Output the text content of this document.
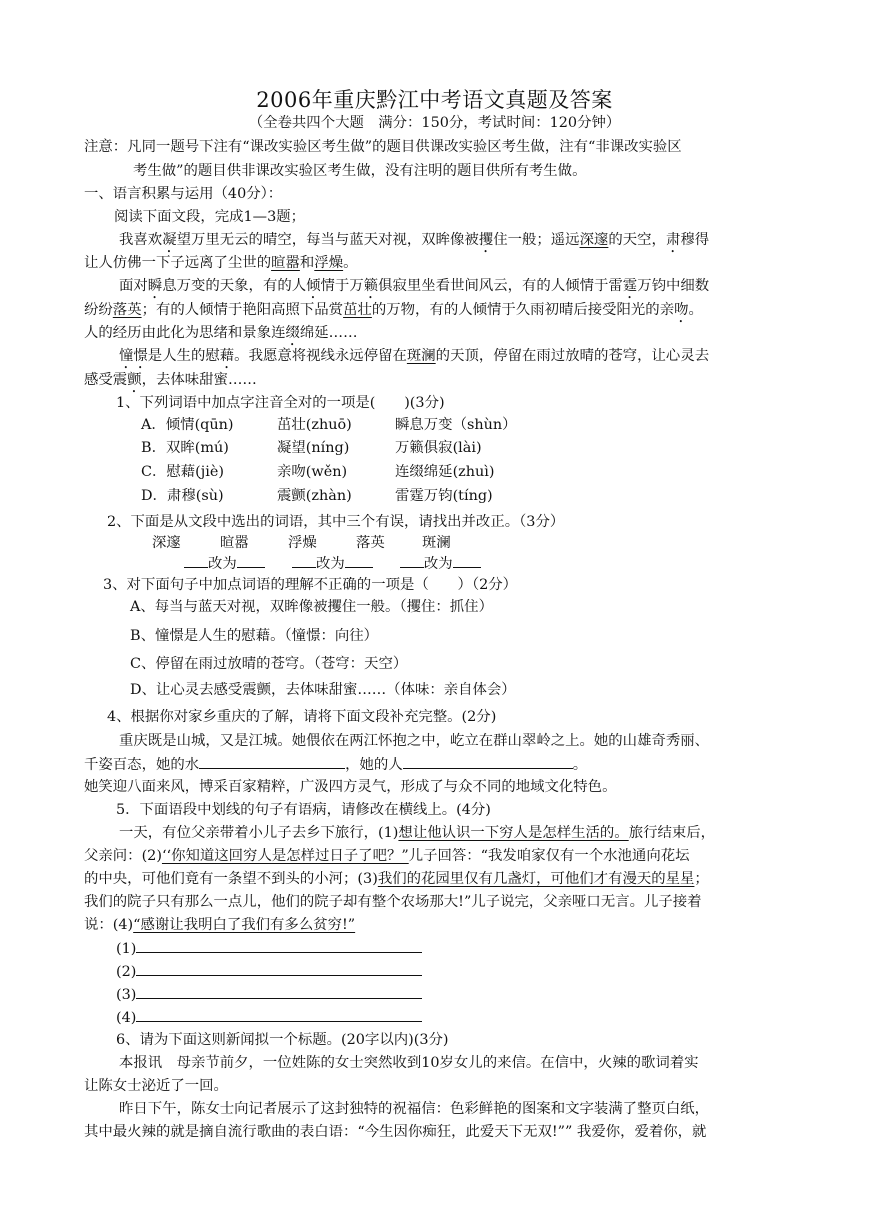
2006年重庆黔江中考语文真题及答案
（全卷共四个大题　满分：150分，考试时间：120分钟）
注意：凡同一题号下注有“课改实验区考生做”的题目供课改实验区考生做，注有“非课改实验区
考生做”的题目供非课改实验区考生做，没有注明的题目供所有考生做。
一、语言积累与运用（40分）：
阅读下面文段，完成1—3题；
我喜欢凝望万里无云的晴空，每当与蓝天对视，双眸像被攫住一般；遥远深邃的天空，肃穆得
让人仿佛一下子远离了尘世的暄嚣和浮燥。
面对瞬息万变的天象，有的人倾情于万籁俱寂里坐看世间风云，有的人倾情于雷霆万钧中细数
纷纷落英；有的人倾情于艳阳高照下品赏茁壮的万物，有的人倾情于久雨初晴后接受阳光的亲吻。
人的经历由此化为思绪和景象连缀绵延……
憧憬是人生的慰藉。我愿意将视线永远停留在斑澜的天顶，停留在雨过放晴的苍穹，让心灵去
感受震颤，去体味甜蜜……
1、下列词语中加点字注音全对的一项是(　　)(3分)
A．倾情(qūn)	茁壮(zhuō)	瞬息万变（shùn）
B．双眸(mú)	凝望(níng)	万籁俱寂(lài)
C．慰藉(jiè)	亲吻(wěn)	连缀绵延(zhuì)
D．肃穆(sù)	震颤(zhàn)	雷霆万钧(tíng)
2、下面是从文段中选出的词语，其中三个有误，请找出并改正。（3分）
深邃	暄嚣	浮燥	落英	斑澜
改为	改为	改为
3、对下面句子中加点词语的理解不正确的一项是（　　）（2分）
A、每当与蓝天对视，双眸像被攫住一般。（攫住：抓住）
B、憧憬是人生的慰藉。（憧憬：向往）
C、停留在雨过放晴的苍穹。（苍穹：天空）
D、让心灵去感受震颤，去体味甜蜜……（体味：亲自体会）
4、根据你对家乡重庆的了解，请将下面文段补充完整。(2分)
重庆既是山城，又是江城。她偎依在两江怀抱之中，屹立在群山翠岭之上。她的山雄奇秀丽、
千姿百态，她的水	，她的人	。
她笑迎八面来风，博采百家精粹，广汲四方灵气，形成了与众不同的地域文化特色。
5．下面语段中划线的句子有语病，请修改在横线上。(4分)
一天，有位父亲带着小儿子去乡下旅行，(1)想让他认识一下穷人是怎样生活的。旅行结束后，
父亲问：(2)‘‘你知道这回穷人是怎样过日子了吧？”儿子回答：“我发咱家仅有一个水池通向花坛
的中央，可他们竟有一条望不到头的小河；(3)我们的花园里仅有几盏灯，可他们才有漫天的星星；
我们的院子只有那么一点儿，他们的院子却有整个农场那大!”儿子说完，父亲哑口无言。儿子接着
说：(4)“感谢让我明白了我们有多么贫穷!”
(1)
(2)
(3)
(4)
6、请为下面这则新闻拟一个标题。(20字以内)(3分)
本报讯　母亲节前夕，一位姓陈的女士突然收到10岁女儿的来信。在信中，火辣的歌词着实
让陈女士泌近了一回。
昨日下午，陈女士向记者展示了这封独特的祝福信：色彩鲜艳的图案和文字装满了整页白纸，
其中最火辣的就是摘自流行歌曲的表白语：“今生因你痴狂，此爱天下无双!”” 我爱你，爱着你，就
